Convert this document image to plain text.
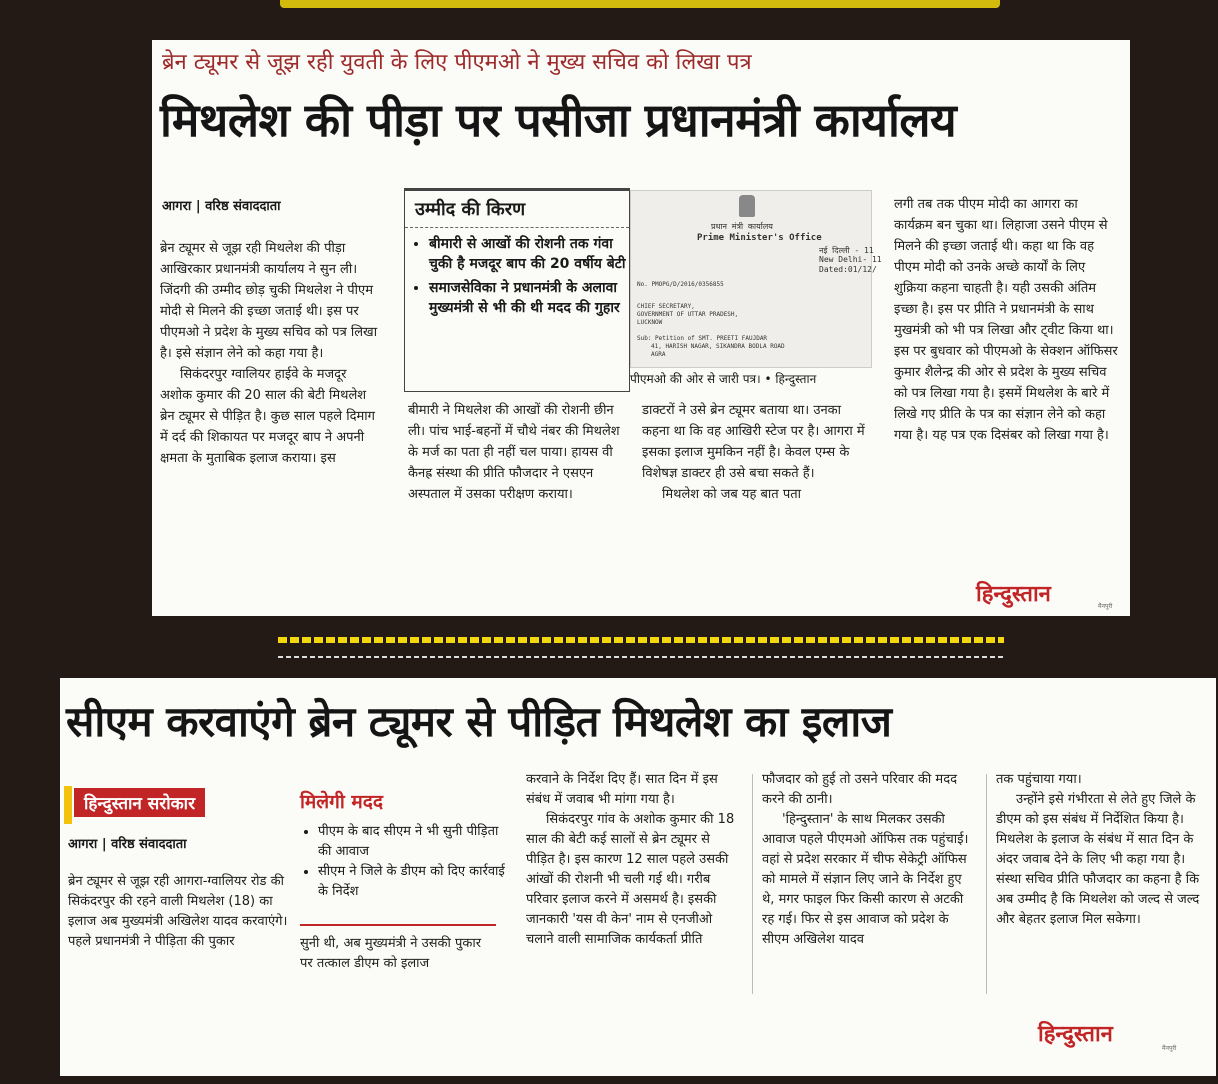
ब्रेन ट्यूमर से जूझ रही युवती के लिए पीएमओ ने मुख्य सचिव को लिखा पत्र
मिथलेश की पीड़ा पर पसीजा प्रधानमंत्री कार्यालय
आगरा | वरिष्ठ संवाददाता

ब्रेन ट्यूमर से जूझ रही मिथलेश की पीड़ा आखिरकार प्रधानमंत्री कार्यालय ने सुन ली। जिंदगी की उम्मीद छोड़ चुकी मिथलेश ने पीएम मोदी से मिलने की इच्छा जताई थी। इस पर पीएमओ ने प्रदेश के मुख्य सचिव को पत्र लिखा है। इसे संज्ञान लेने को कहा गया है।

सिकंदरपुर ग्वालियर हाईवे के मजदूर अशोक कुमार की 20 साल की बेटी मिथलेश ब्रेन ट्यूमर से पीड़ित है। कुछ साल पहले दिमाग में दर्द की शिकायत पर मजदूर बाप ने अपनी क्षमता के मुताबिक इलाज कराया। इस

उम्मीद की किरण
• बीमारी से आखों की रोशनी तक गंवा चुकी है मजदूर बाप की 20 वर्षीय बेटी
• समाजसेविका ने प्रधानमंत्री के अलावा मुख्यमंत्री से भी की थी मदद की गुहार
प्रधान मंत्री कार्यालय
Prime Minister's Office
नई दिल्ली - 11
New Delhi- 11
Dated:01/12/
No. PMOPG/D/2016/0356855
CHIEF SECRETARY,
GOVERNMENT OF UTTAR PRADESH,
LUCKNOW
Sub: Petition of SMT. PREETI FAUJDAR
41, HARISH NAGAR, SIKANDRA BODLA ROAD
AGRA
पीएमओ की ओर से जारी पत्र। • हिन्दुस्तान

बीमारी ने मिथलेश की आखों की रोशनी छीन ली। पांच भाई-बहनों में चौथे नंबर की मिथलेश के मर्ज का पता ही नहीं चल पाया। हायस वी कैनह्र संस्था की प्रीति फौजदार ने एसएन अस्पताल में उसका परीक्षण कराया।

डाक्टरों ने उसे ब्रेन ट्यूमर बताया था। उनका कहना था कि वह आखिरी स्टेज पर है। आगरा में इसका इलाज मुमकिन नहीं है। केवल एम्स के विशेषज्ञ डाक्टर ही उसे बचा सकते हैं।

मिथलेश को जब यह बात पता

लगी तब तक पीएम मोदी का आगरा का कार्यक्रम बन चुका था। लिहाजा उसने पीएम से मिलने की इच्छा जताई थी। कहा था कि वह पीएम मोदी को उनके अच्छे कार्यों के लिए शुक्रिया कहना चाहती है। यही उसकी अंतिम इच्छा है। इस पर प्रीति ने प्रधानमंत्री के साथ मुखमंत्री को भी पत्र लिखा और ट्वीट किया था। इस पर बुधवार को पीएमओ के सेक्शन ऑफिसर कुमार शैलेन्द्र की ओर से प्रदेश के मुख्य सचिव को पत्र लिखा गया है। इसमें मिथलेश के बारे में लिखे गए प्रीति के पत्र का संज्ञान लेने को कहा गया है। यह पत्र एक दिसंबर को लिखा गया है।

हिन्दुस्तान	मैनपुरी
सीएम करवाएंगे ब्रेन ट्यूमर से पीड़ित मिथलेश का इलाज
हिन्दुस्तान सरोकार
आगरा | वरिष्ठ संवाददाता

ब्रेन ट्यूमर से जूझ रही आगरा-ग्वालियर रोड की सिकंदरपुर की रहने वाली मिथलेश (18) का इलाज अब मुख्यमंत्री अखिलेश यादव करवाएंगे। पहले प्रधानमंत्री ने पीड़िता की पुकार

मिलेगी मदद
• पीएम के बाद सीएम ने भी सुनी पीड़िता की आवाज
• सीएम ने जिले के डीएम को दिए कार्रवाई के निर्देश

सुनी थी, अब मुख्यमंत्री ने उसकी पुकार पर तत्काल डीएम को इलाज

करवाने के निर्देश दिए हैं। सात दिन में इस संबंध में जवाब भी मांगा गया है।

सिकंदरपुर गांव के अशोक कुमार की 18 साल की बेटी कई सालों से ब्रेन ट्यूमर से पीड़ित है। इस कारण 12 साल पहले उसकी आंखों की रोशनी भी चली गई थी। गरीब परिवार इलाज करने में असमर्थ है। इसकी जानकारी 'यस वी केन' नाम से एनजीओ चलाने वाली सामाजिक कार्यकर्ता प्रीति

फौजदार को हुई तो उसने परिवार की मदद करने की ठानी।

'हिन्दुस्तान' के साथ मिलकर उसकी आवाज पहले पीएमओ ऑफिस तक पहुंचाई। वहां से प्रदेश सरकार में चीफ सेकेट्री ऑफिस को मामले में संज्ञान लिए जाने के निर्देश हुए थे, मगर फाइल फिर किसी कारण से अटकी रह गई। फिर से इस आवाज को प्रदेश के सीएम अखिलेश यादव

तक पहुंचाया गया।

उन्होंने इसे गंभीरता से लेते हुए जिले के डीएम को इस संबंध में निर्देशित किया है। मिथलेश के इलाज के संबंध में सात दिन के अंदर जवाब देने के लिए भी कहा गया है। संस्था सचिव प्रीति फौजदार का कहना है कि अब उम्मीद है कि मिथलेश को जल्द से जल्द और बेहतर इलाज मिल सकेगा।

हिन्दुस्तान
मैनपुरी
